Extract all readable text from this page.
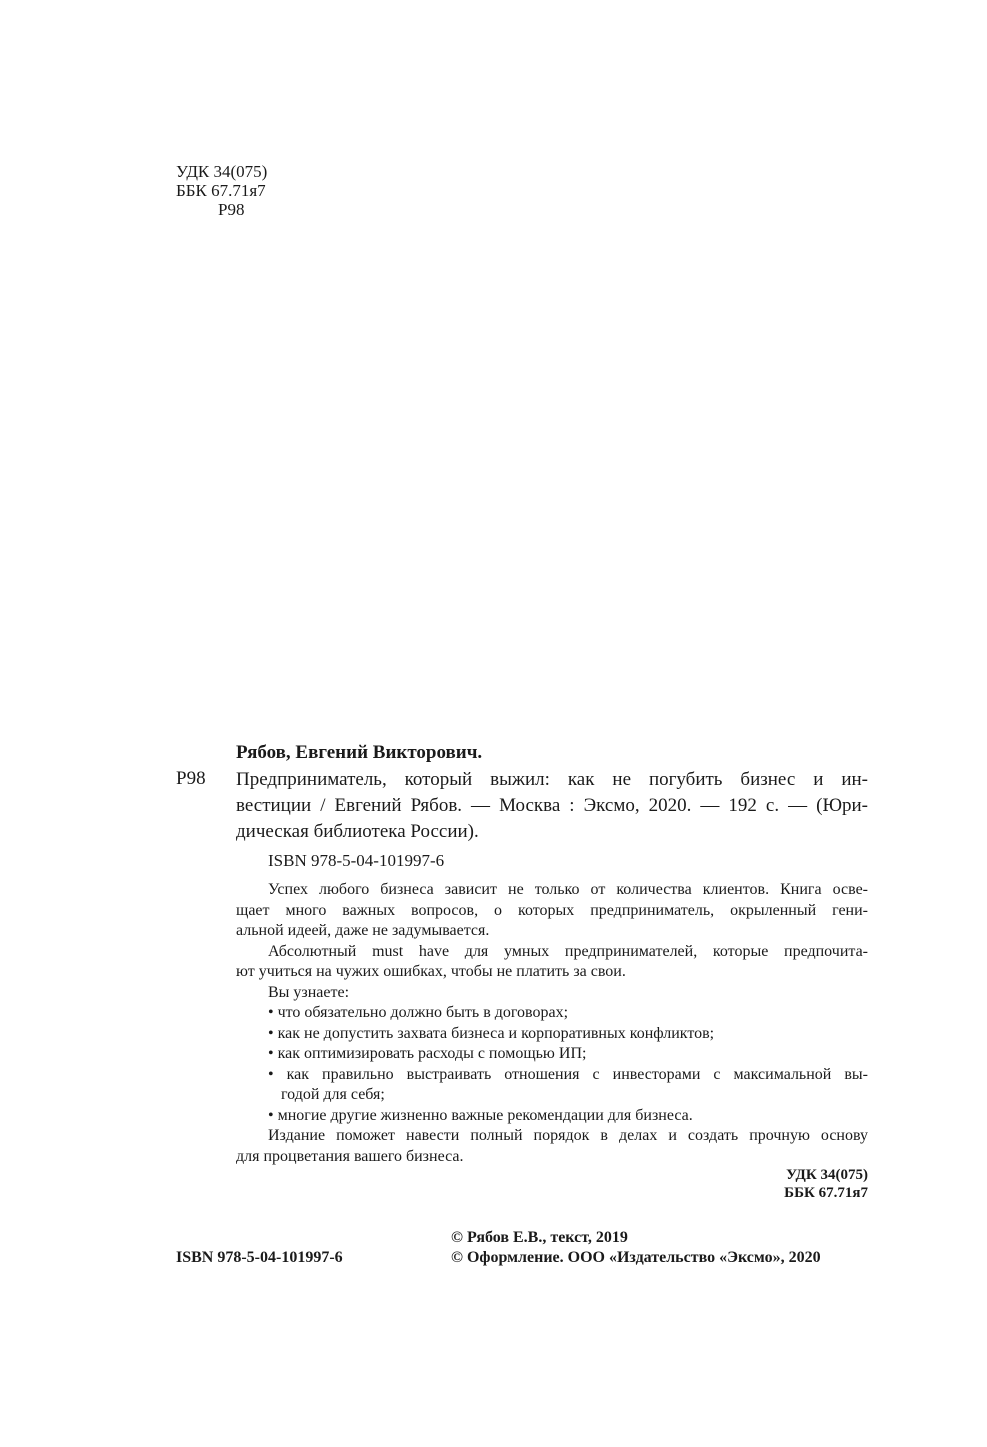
УДК 34(075)
ББК 67.71я7
Р98
Рябов, Евгений Викторович.
Р98 Предприниматель, который выжил: как не погубить бизнес и ин-
вестиции / Евгений Рябов. — Москва : Эксмо, 2020. — 192 с. — (Юри-
дическая библиотека России).
ISBN 978-5-04-101997-6
Успех любого бизнеса зависит не только от количества клиентов. Книга осве-
щает много важных вопросов, о которых предприниматель, окрыленный гени-
альной идеей, даже не задумывается.
Абсолютный must have для умных предпринимателей, которые предпочита-
ют учиться на чужих ошибках, чтобы не платить за свои.
Вы узнаете:
• что обязательно должно быть в договорах;
• как не допустить захвата бизнеса и корпоративных конфликтов;
• как оптимизировать расходы с помощью ИП;
• как правильно выстраивать отношения с инвесторами с максимальной вы-
годой для себя;
• многие другие жизненно важные рекомендации для бизнеса.
Издание поможет навести полный порядок в делах и создать прочную основу
для процветания вашего бизнеса.
УДК 34(075)
ББК 67.71я7
© Рябов Е.В., текст, 2019
© Оформление. ООО «Издательство «Эксмо», 2020
ISBN 978-5-04-101997-6
